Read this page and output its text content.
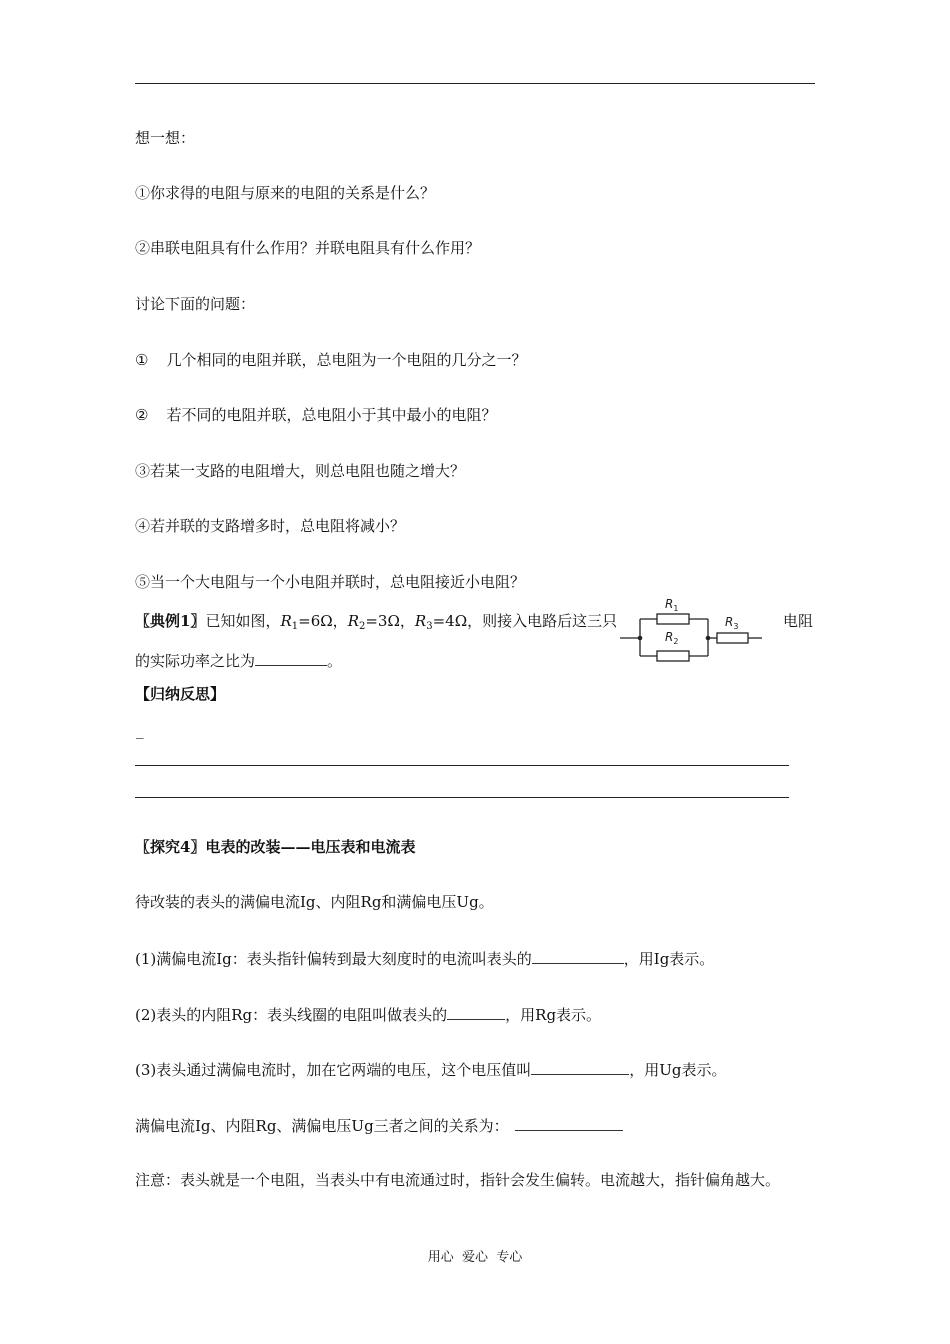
想一想：
①你求得的电阻与原来的电阻的关系是什么？
②串联电阻具有什么作用？并联电阻具有什么作用？
讨论下面的问题：
① 几个相同的电阻并联，总电阻为一个电阻的几分之一？
② 若不同的电阻并联，总电阻小于其中最小的电阻？
③若某一支路的电阻增大，则总电阻也随之增大？
④若并联的支路增多时，总电阻将减小？
⑤当一个大电阻与一个小电阻并联时，总电阻接近小电阻？
〖典例1〗已知如图，$R_1=6\Omega$，$R_2=3\Omega$，$R_3=4\Omega$，则接入电路后这三只	电阻
的实际功率之比为	。
$R_1$
$R_2$
$R_3$
【归纳反思】
_
〖探究4〗电表的改装——电压表和电流表
待改装的表头的满偏电流Ig、内阻Rg和满偏电压Ug。
(1)满偏电流Ig：表头指针偏转到最大刻度时的电流叫表头的	，用Ig表示。
(2)表头的内阻Rg：表头线圈的电阻叫做表头的	，用Rg表示。
(3)表头通过满偏电流时，加在它两端的电压，这个电压值叫	，用Ug表示。
满偏电流Ig、内阻Rg、满偏电压Ug三者之间的关系为：
注意：表头就是一个电阻，当表头中有电流通过时，指针会发生偏转。电流越大，指针偏角越大。
用心  爱心  专心
